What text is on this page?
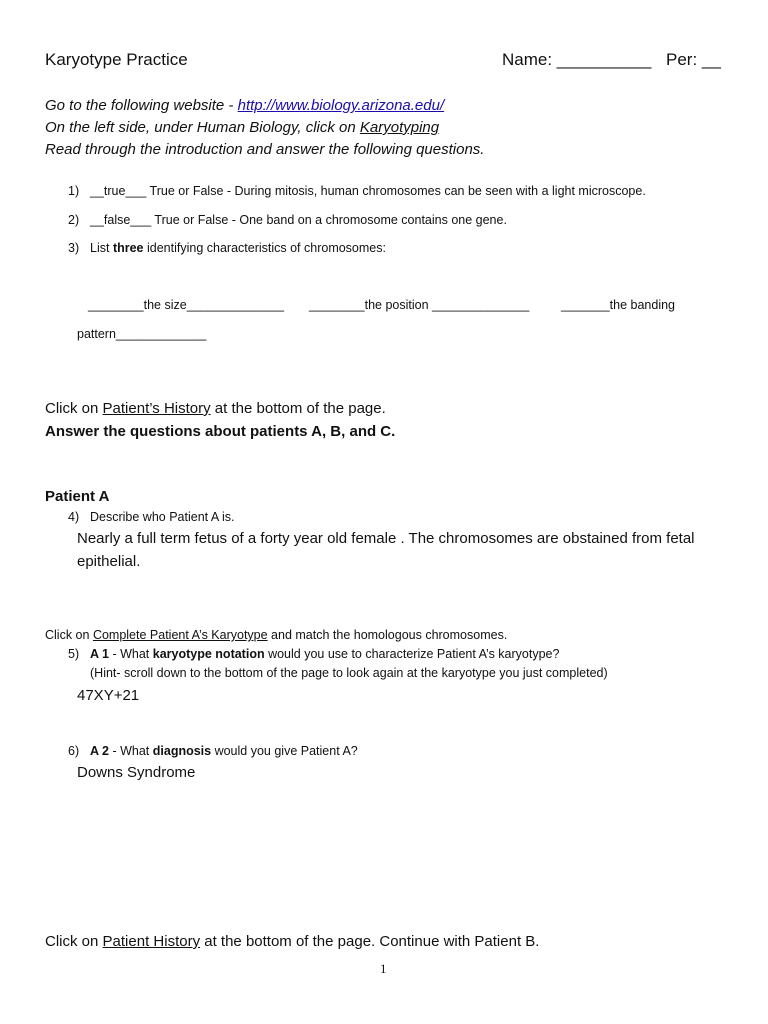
Karyotype Practice	Name: __________ Per: __
Go to the following website - http://www.biology.arizona.edu/
On the left side, under Human Biology, click on Karyotyping
Read through the introduction and answer the following questions.
1) __true___ True or False - During mitosis, human chromosomes can be seen with a light microscope.
2) __false___ True or False - One band on a chromosome contains one gene.
3) List three identifying characteristics of chromosomes:
________the size______________ ________the position ______________	_______the banding
pattern_____________
Click on Patient’s History at the bottom of the page.
Answer the questions about patients A, B, and C.
Patient A
4) Describe who Patient A is.
Nearly a full term fetus of a forty year old female . The chromosomes are obstained from fetal epithelial.
Click on Complete Patient A’s Karyotype and match the homologous chromosomes.
5) A 1 - What karyotype notation would you use to characterize Patient A’s karyotype?
(Hint- scroll down to the bottom of the page to look again at the karyotype you just completed)
47XY+21
6) A 2 - What diagnosis would you give Patient A?
Downs Syndrome
Click on Patient History at the bottom of the page. Continue with Patient B.
1
